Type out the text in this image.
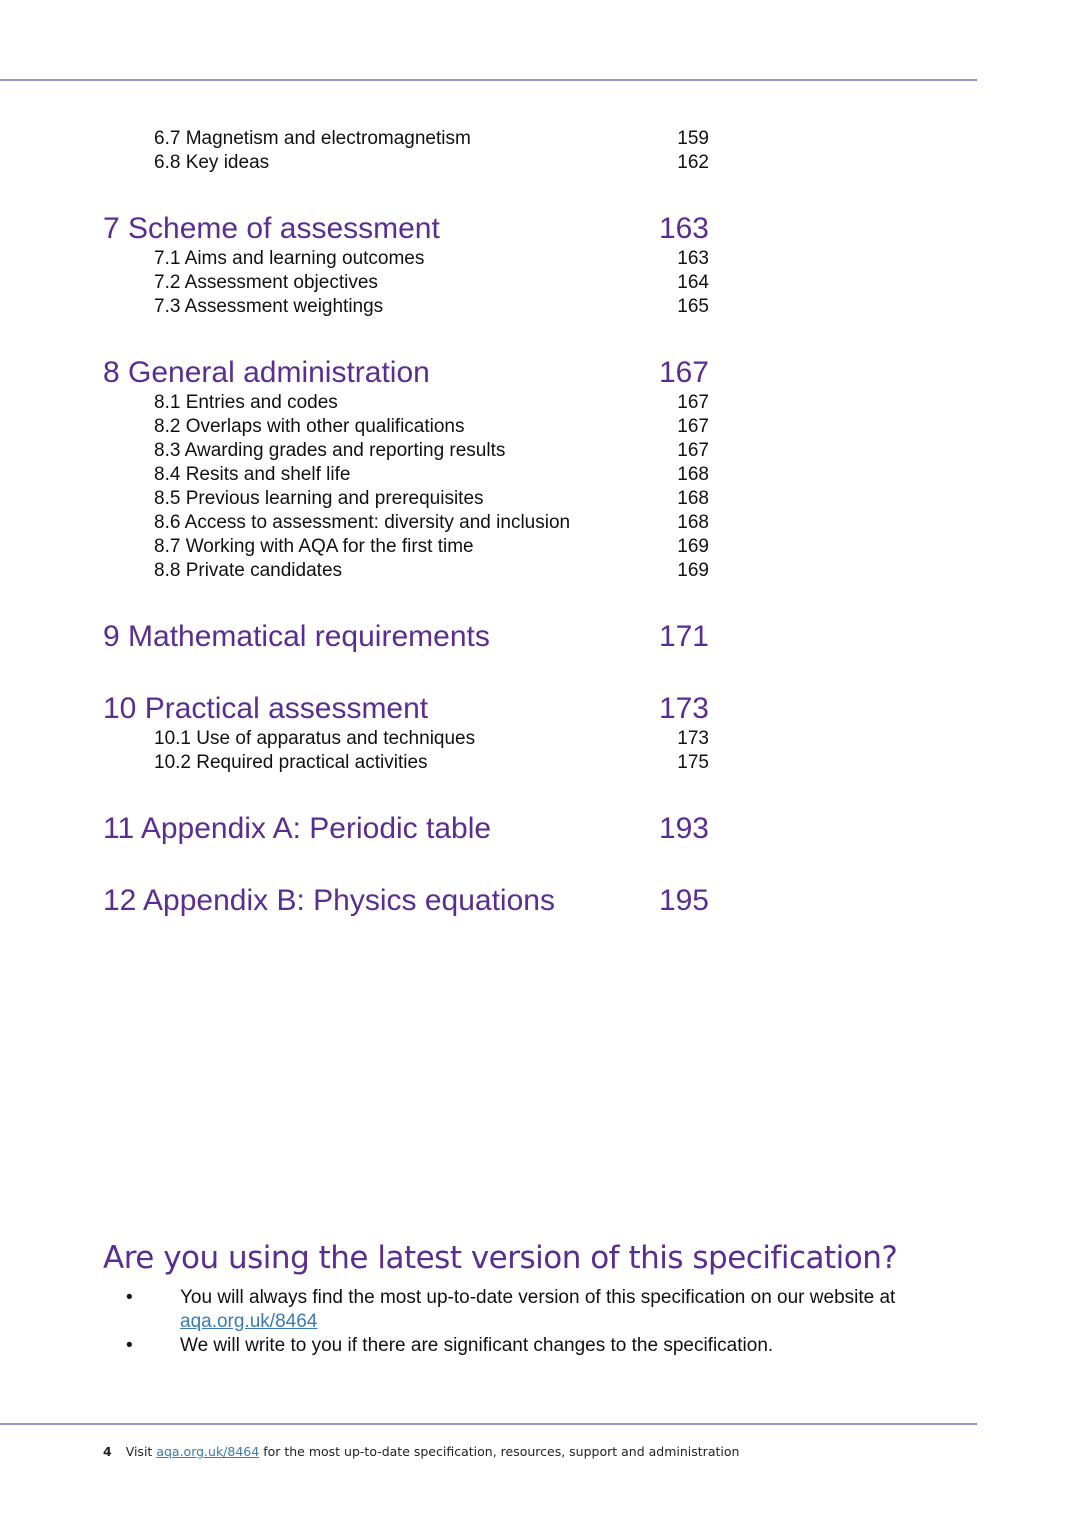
6.7 Magnetism and electromagnetism	159
6.8 Key ideas	162
7 Scheme of assessment	163
7.1 Aims and learning outcomes	163
7.2 Assessment objectives	164
7.3 Assessment weightings	165
8 General administration	167
8.1 Entries and codes	167
8.2 Overlaps with other qualifications	167
8.3 Awarding grades and reporting results	167
8.4 Resits and shelf life	168
8.5 Previous learning and prerequisites	168
8.6 Access to assessment: diversity and inclusion	168
8.7 Working with AQA for the first time	169
8.8 Private candidates	169
9 Mathematical requirements	171
10 Practical assessment	173
10.1 Use of apparatus and techniques	173
10.2 Required practical activities	175
11 Appendix A: Periodic table	193
12 Appendix B: Physics equations	195
Are you using the latest version of this specification?
• You will always find the most up-to-date version of this specification on our website at
aqa.org.uk/8464
• We will write to you if there are significant changes to the specification.
4 Visit aqa.org.uk/8464 for the most up-to-date specification, resources, support and administration
